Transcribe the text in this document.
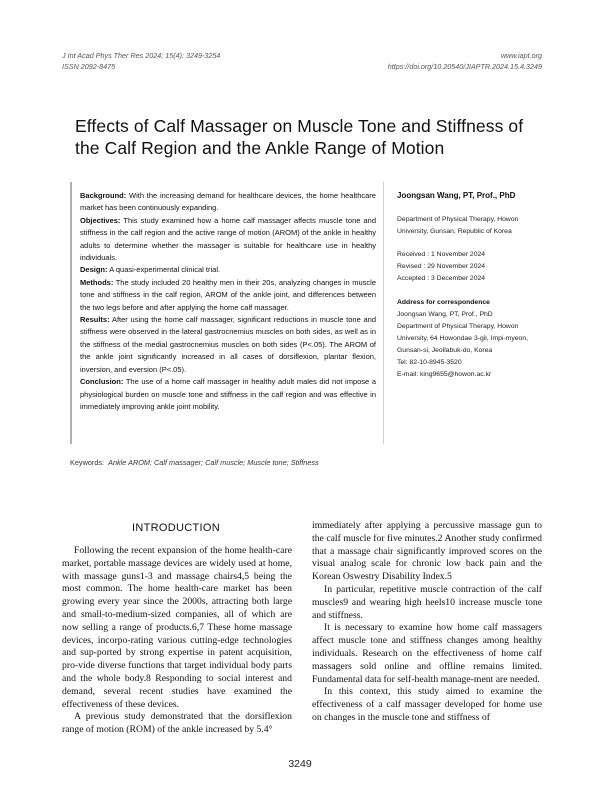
J Int Acad Phys Ther Res 2024; 15(4): 3249-3254
ISSN 2092-8475
www.iapt.org
https://doi.org/10.20540/JIAPTR.2024.15.4.3249
Effects of Calf Massager on Muscle Tone and Stiffness of the Calf Region and the Ankle Range of Motion

Background: With the increasing demand for healthcare devices, the home healthcare market has been continuously expanding.

Objectives: This study examined how a home calf massager affects muscle tone and stiffness in the calf region and the active range of motion (AROM) of the ankle in healthy adults to determine whether the massager is suitable for healthcare use in healthy individuals.

Design: A quasi-experimental clinical trial.

Methods: The study included 20 healthy men in their 20s, analyzing changes in muscle tone and stiffness in the calf region, AROM of the ankle joint, and differences between the two legs before and after applying the home calf massager.

Results: After using the home calf massager, significant reductions in muscle tone and stiffness were observed in the lateral gastrocnemius muscles on both sides, as well as in the stiffness of the medial gastrocnemius muscles on both sides (P<.05). The AROM of the ankle joint significantly increased in all cases of dorsiflexion, plantar flexion, inversion, and eversion (P<.05).

Conclusion: The use of a home calf massager in healthy adult males did not impose a physiological burden on muscle tone and stiffness in the calf region and was effective in immediately improving ankle joint mobility.

Joongsan Wang, PT, Prof., PhD
Department of Physical Therapy, Howon University, Gunsan, Republic of Korea
Received : 1 November 2024
Revised : 29 November 2024
Accepted : 3 December 2024
Address for correspondence
Joongsan Wang, PT, Prof., PhD
Department of Physical Therapy, Howon University, 64 Howondae 3-gil, Impi-myeon, Gunsan-si, Jeollabuk-do, Korea
Tel: 82-10-8945-3520
E-mail: king9655@howon.ac.kr
Keywords: Ankle AROM; Calf massager; Calf muscle; Muscle tone; Stiffness
INTRODUCTION

Following the recent expansion of the home health-care market, portable massage devices are widely used at home, with massage guns1-3 and massage chairs4,5 being the most common. The home health-care market has been growing every year since the 2000s, attracting both large and small-to-medium-sized companies, all of which are now selling a range of products.6,7 These home massage devices, incorpo-rating various cutting-edge technologies and sup-ported by strong expertise in patent acquisition, pro-vide diverse functions that target individual body parts and the whole body.8 Responding to social interest and demand, several recent studies have examined the effectiveness of these devices.

A previous study demonstrated that the dorsiflexion range of motion (ROM) of the ankle increased by 5.4°

immediately after applying a percussive massage gun to the calf muscle for five minutes.2 Another study confirmed that a massage chair significantly improved scores on the visual analog scale for chronic low back pain and the Korean Oswestry Disability Index.5

In particular, repetitive muscle contraction of the calf muscles9 and wearing high heels10 increase muscle tone and stiffness.

It is necessary to examine how home calf massagers affect muscle tone and stiffness changes among healthy individuals. Research on the effectiveness of home calf massagers sold online and offline remains limited. Fundamental data for self-health manage-ment are needed.

In this context, this study aimed to examine the effectiveness of a calf massager developed for home use on changes in the muscle tone and stiffness of

3249
